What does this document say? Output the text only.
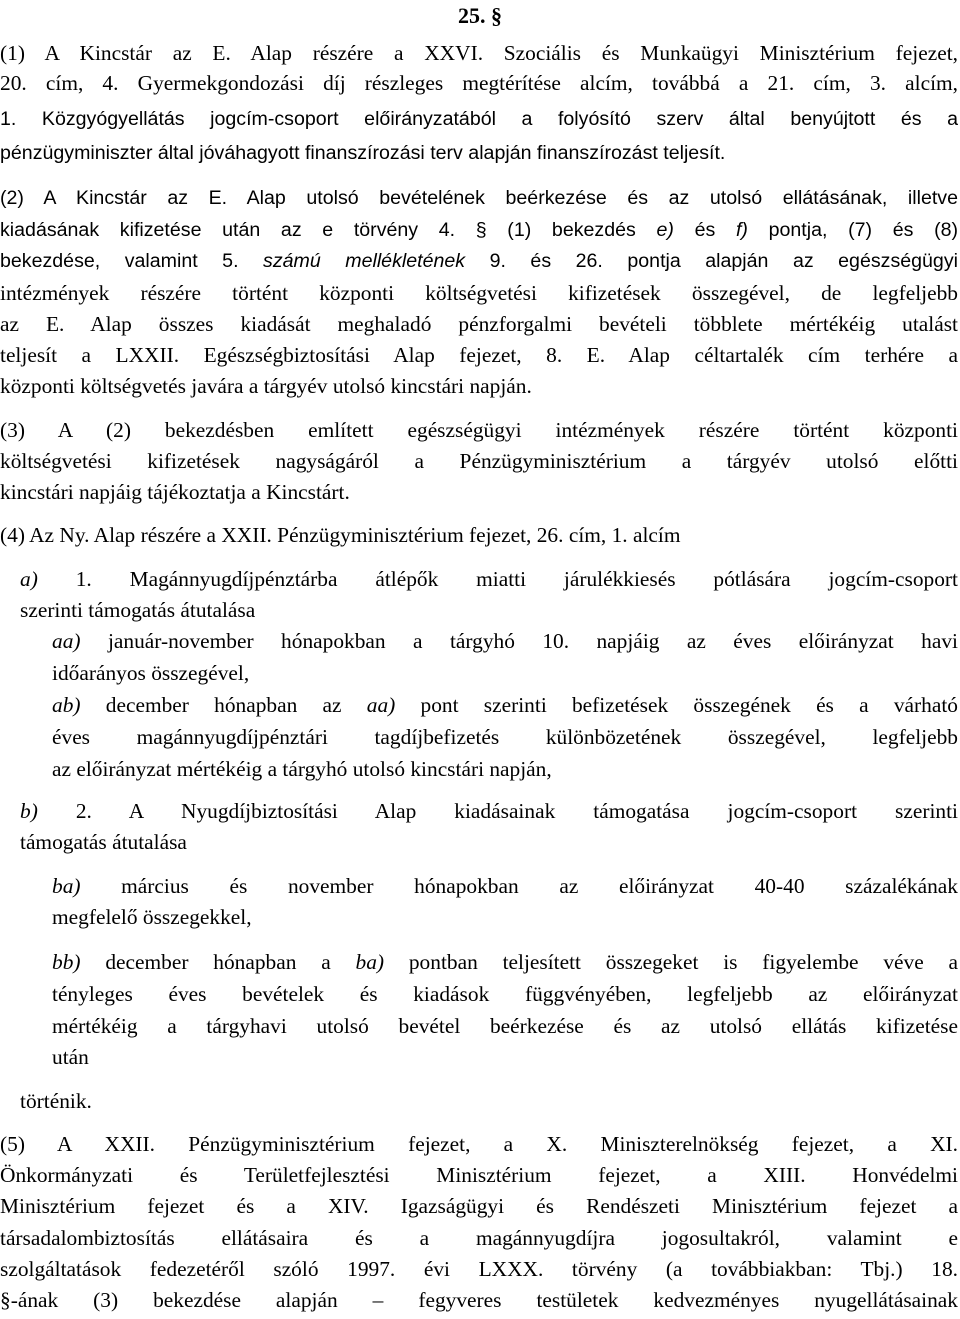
25. §
(1) A Kincstár az E. Alap részére a XXVI. Szociális és Munkaügyi Minisztérium fejezet,
20. cím, 4. Gyermekgondozási díj részleges megtérítése alcím, továbbá a 21. cím, 3. alcím,
1. Közgyógyellátás jogcím-csoport előirányzatából a folyósító szerv által benyújtott és a
pénzügyminiszter által jóváhagyott finanszírozási terv alapján finanszírozást teljesít.
(2) A Kincstár az E. Alap utolsó bevételének beérkezése és az utolsó ellátásának, illetve
kiadásának kifizetése után az e törvény 4. § (1) bekezdés e) és f) pontja, (7) és (8)
bekezdése, valamint 5. számú mellékletének 9. és 26. pontja alapján az egészségügyi
intézmények részére történt központi költségvetési kifizetések összegével, de legfeljebb
az E. Alap összes kiadását meghaladó pénzforgalmi bevételi többlete mértékéig utalást
teljesít a LXXII. Egészségbiztosítási Alap fejezet, 8. E. Alap céltartalék cím terhére a
központi költségvetés javára a tárgyév utolsó kincstári napján.
(3) A (2) bekezdésben említett egészségügyi intézmények részére történt központi
költségvetési kifizetések nagyságáról a Pénzügyminisztérium a tárgyév utolsó előtti
kincstári napjáig tájékoztatja a Kincstárt.
(4) Az Ny. Alap részére a XXII. Pénzügyminisztérium fejezet, 26. cím, 1. alcím
a) 1. Magánnyugdíjpénztárba átlépők miatti járulékkiesés pótlására jogcím-csoport
szerinti támogatás átutalása
aa) január-november hónapokban a tárgyhó 10. napjáig az éves előirányzat havi
időarányos összegével,
ab) december hónapban az aa) pont szerinti befizetések összegének és a várható
éves magánnyugdíjpénztári tagdíjbefizetés különbözetének összegével, legfeljebb
az előirányzat mértékéig a tárgyhó utolsó kincstári napján,
b) 2. A Nyugdíjbiztosítási Alap kiadásainak támogatása jogcím-csoport szerinti
támogatás átutalása
ba) március és november hónapokban az előirányzat 40-40 százalékának
megfelelő összegekkel,
bb) december hónapban a ba) pontban teljesített összegeket is figyelembe véve a
tényleges éves bevételek és kiadások függvényében, legfeljebb az előirányzat
mértékéig a tárgyhavi utolsó bevétel beérkezése és az utolsó ellátás kifizetése
után
történik.
(5) A XXII. Pénzügyminisztérium fejezet, a X. Miniszterelnökség fejezet, a XI.
Önkormányzati és Területfejlesztési Minisztérium fejezet, a XIII. Honvédelmi
Minisztérium fejezet és a XIV. Igazságügyi és Rendészeti Minisztérium fejezet a
társadalombiztosítás ellátásaira és a magánnyugdíjra jogosultakról, valamint e
szolgáltatások fedezetéről szóló 1997. évi LXXX. törvény (a továbbiakban: Tbj.) 18.
§-ának (3) bekezdése alapján – fegyveres testületek kedvezményes nyugellátásainak
